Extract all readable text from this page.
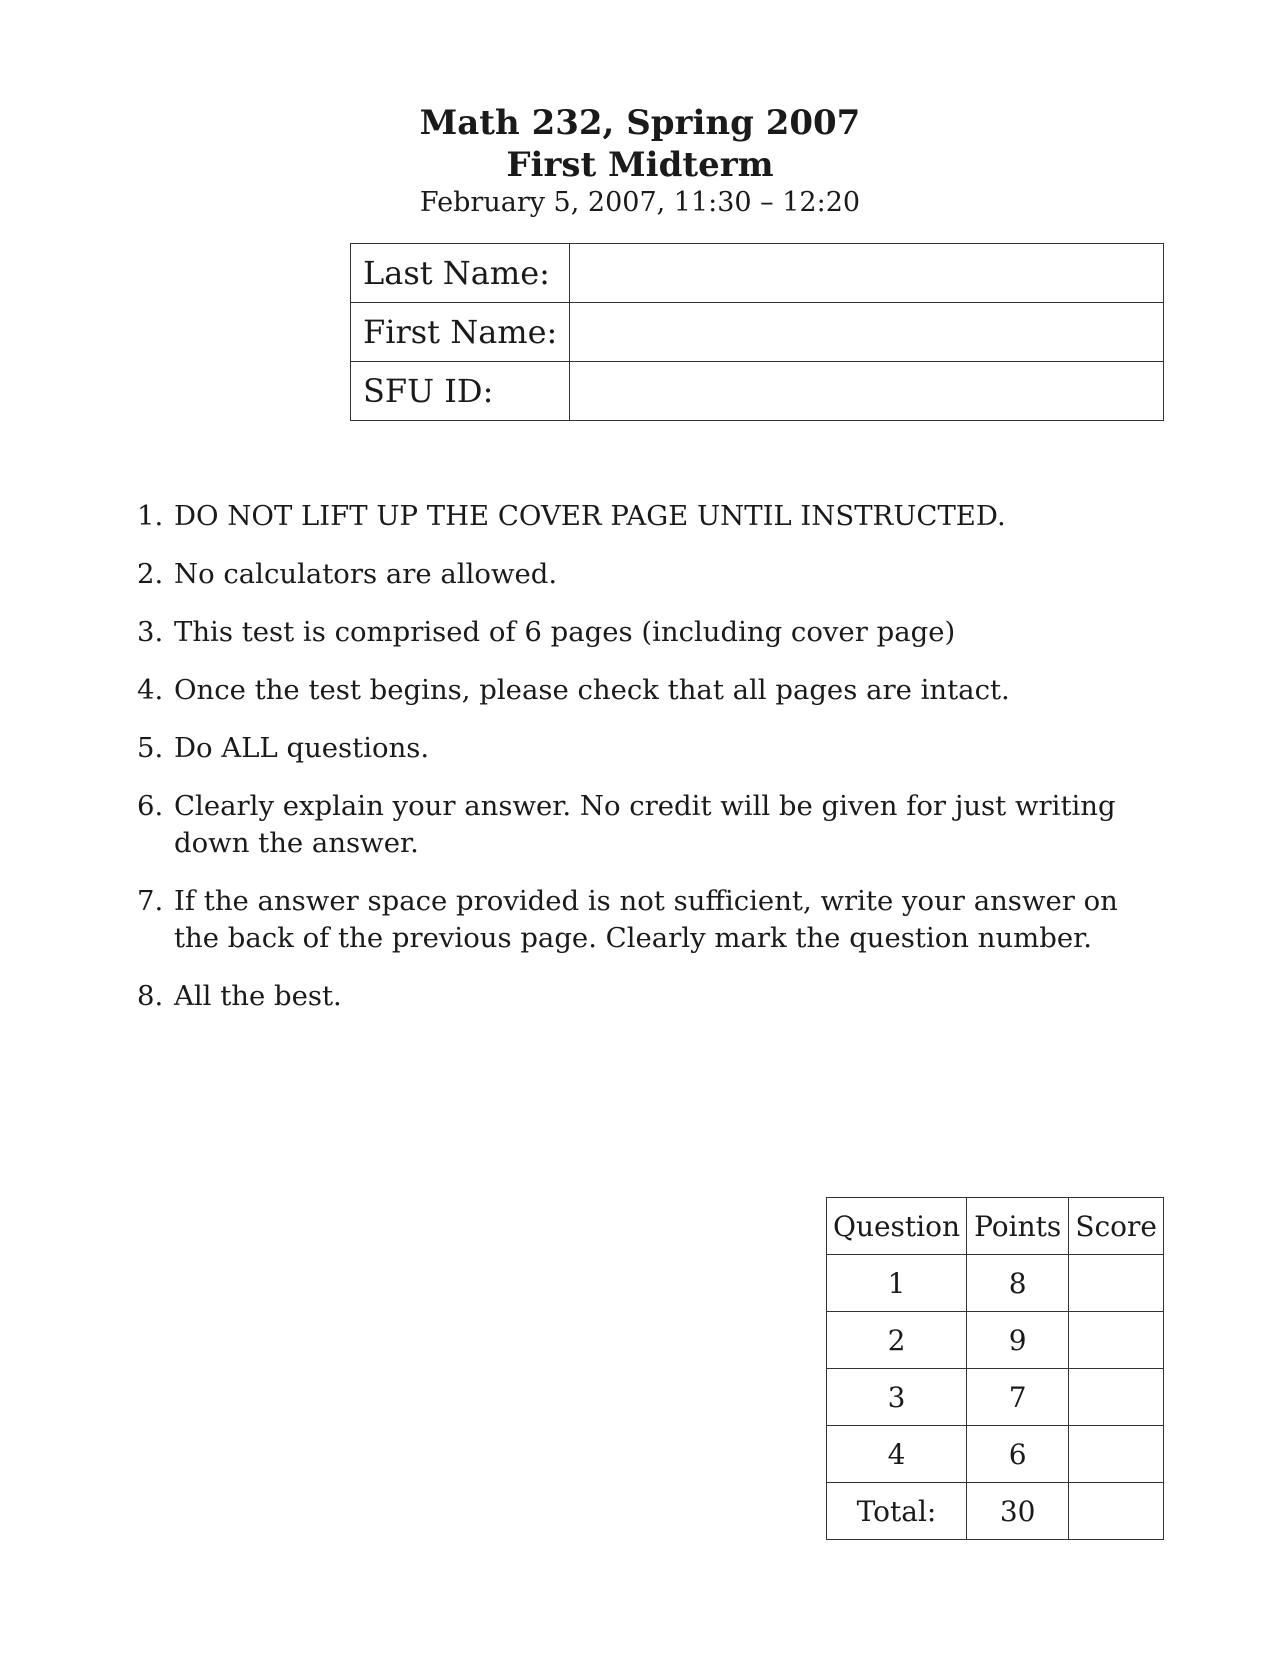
Math 232, Spring 2007
First Midterm
February 5, 2007, 11:30 – 12:20
Last Name:	
First Name:	
SFU ID:	
1. DO NOT LIFT UP THE COVER PAGE UNTIL INSTRUCTED.
2. No calculators are allowed.
3. This test is comprised of 6 pages (including cover page)
4. Once the test begins, please check that all pages are intact.
5. Do ALL questions.
6. Clearly explain your answer. No credit will be given for just writing down the answer.
7. If the answer space provided is not sufficient, write your answer on the back of the previous page. Clearly mark the question number.
8. All the best.
Question	Points	Score
1	8	
2	9	
3	7	
4	6	
Total:	30	
